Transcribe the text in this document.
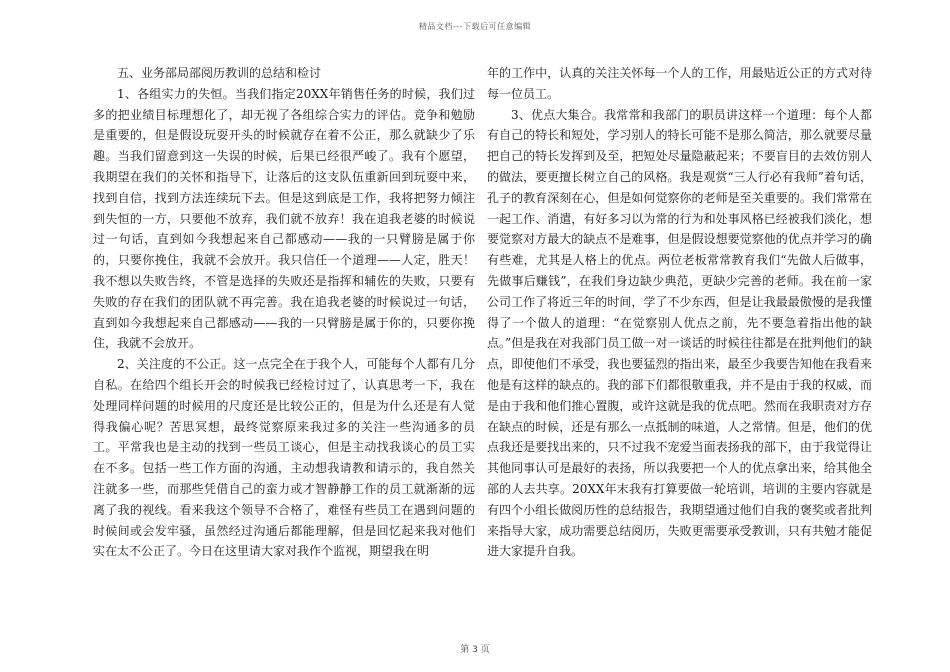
精品文档---下载后可任意编辑

五、业务部局部阅历教训的总结和检讨

1、各组实力的失恒。当我们指定20XX年销售任务的时候，我们过多的把业绩目标理想化了，却无视了各组综合实力的评估。竞争和勉励是重要的，但是假设玩耍开头的时候就存在着不公正，那么就缺少了乐趣。当我们留意到这一失误的时候，后果已经很严峻了。我有个愿望，我期望在我们的关怀和指导下，让落后的这支队伍重新回到玩耍中来，找到自信，找到方法连续玩下去。但是这到底是工作，我将把努力倾注到失恒的一方，只要他不放弃，我们就不放弃！我在追我老婆的时候说过一句话，直到如今我想起来自己都感动——我的一只臂膀是属于你的，只要你挽住，我就不会放开。我只信任一个道理——人定，胜天！我不想以失败告终，不管是选择的失败还是指挥和辅佐的失败，只要有失败的存在我们的团队就不再完善。我在追我老婆的时候说过一句话，直到如今我想起来自己都感动——我的一只臂膀是属于你的，只要你挽住，我就不会放开。

2、关注度的不公正。这一点完全在于我个人，可能每个人都有几分自私。在给四个组长开会的时候我已经检讨过了，认真思考一下，我在处理同样问题的时候用的尺度还是比较公正的，但是为什么还是有人觉得我偏心呢？苦思冥想，最终觉察原来我过多的关注一些沟通多的员工。平常我也是主动的找到一些员工谈心，但是主动找我谈心的员工实在不多。包括一些工作方面的沟通，主动想我请教和请示的，我自然关注就多一些，而那些凭借自己的蛮力或才智静静工作的员工就渐渐的远离了我的视线。看来我这个领导不合格了，难怪有些员工在遇到问题的时候间或会发牢骚，虽然经过沟通后都能理解，但是回忆起来我对他们实在太不公正了。今日在这里请大家对我作个监视，期望我在明

年的工作中，认真的关注关怀每一个人的工作，用最贴近公正的方式对待每一位员工。

3、优点大集合。我常常和我部门的职员讲这样一个道理：每个人都有自己的特长和短处，学习别人的特长可能不是那么简洁，那么就要尽量把自己的特长发挥到及至，把短处尽量隐蔽起来；不要盲目的去效仿别人的做法，要更擅长树立自己的风格。我是观赏“三人行必有我师”着句话，孔子的教育深刻在心，但是如何觉察你的老师是至关重要的。我们常常在一起工作、消遣，有好多习以为常的行为和处事风格已经被我们淡化，想要觉察对方最大的缺点不是难事，但是假设想要觉察他的优点并学习的确有些难，尤其是人格上的优点。两位老板常常教育我们“先做人后做事，先做事后赚钱”，在我们身边缺少典范，更缺少完善的老师。我在前一家公司工作了将近三年的时间，学了不少东西，但是让我最最傲慢的是我懂得了一个做人的道理：“在觉察别人优点之前，先不要急着指出他的缺点。”但是我在对我部门员工做一对一谈话的时候往往都是在批判他们的缺点，即使他们不承受，我也要猛烈的指出来，最至少我要告知他在我看来他是有这样的缺点的。我的部下们都很敬重我，并不是由于我的权威，而是由于我和他们推心置腹，或许这就是我的优点吧。然而在我职责对方存在缺点的时候，还是有那么一点抵制的味道，人之常情。但是，他们的优点我还是要找出来的，只不过我不宠爱当面表扬我的部下，由于我觉得让其他同事认可是最好的表扬，所以我要把一个人的优点拿出来，给其他全部的人去共享。20XX年末我有打算要做一轮培训，培训的主要内容就是有四个小组长做阅历性的总结报告，我期望通过他们自我的褒奖或者批判来指导大家，成功需要总结阅历，失败更需要承受教训，只有共勉才能促进大家提升自我。

第 3 页
